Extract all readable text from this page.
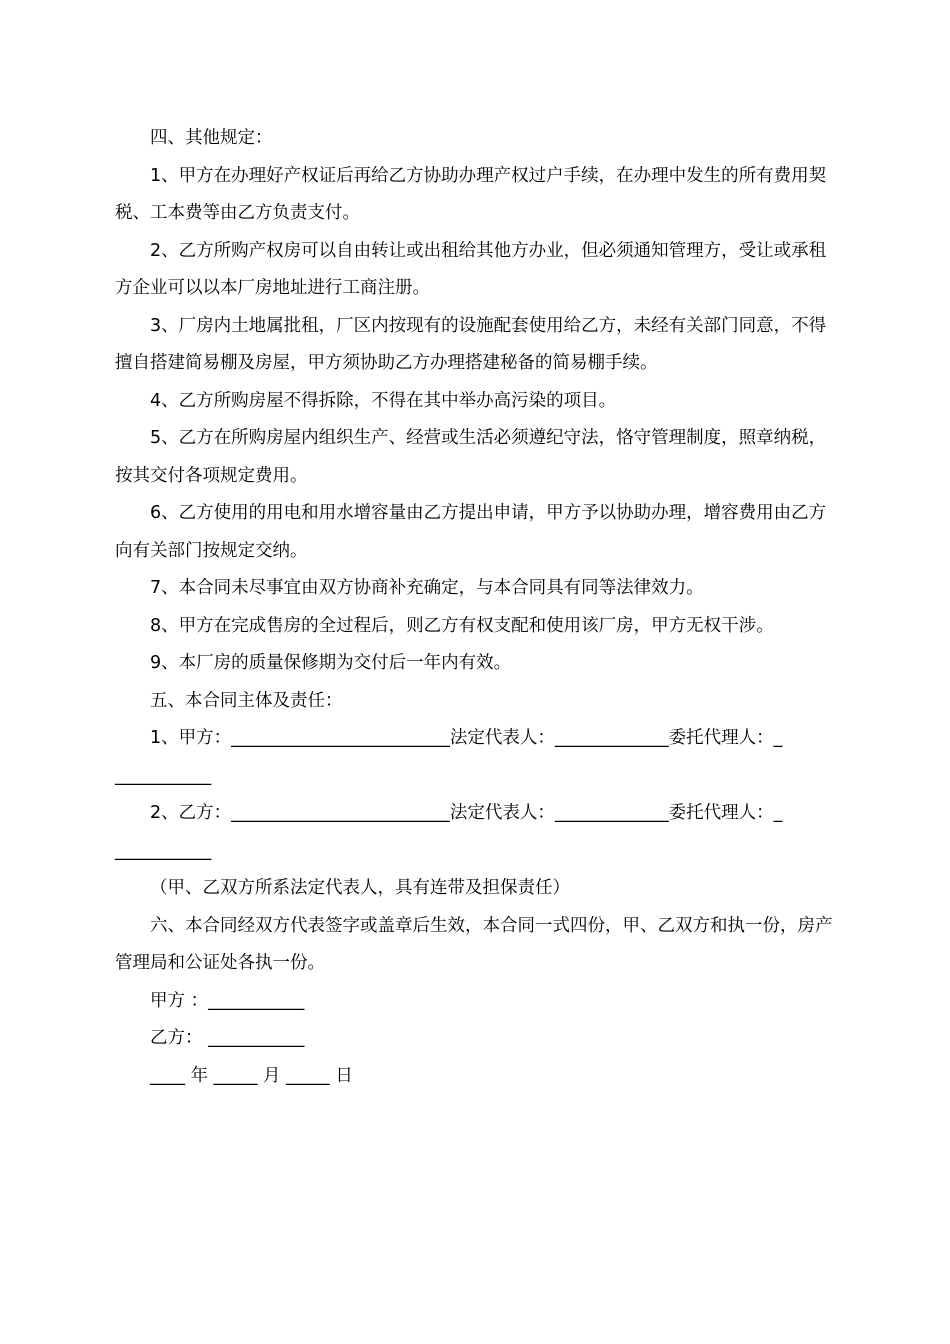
四、其他规定：

1、甲方在办理好产权证后再给乙方协助办理产权过户手续，在办理中发生的所有费用契税、工本费等由乙方负责支付。

2、乙方所购产权房可以自由转让或出租给其他方办业，但必须通知管理方，受让或承租方企业可以以本厂房地址进行工商注册。

3、厂房内土地属批租，厂区内按现有的设施配套使用给乙方，未经有关部门同意，不得擅自搭建简易棚及房屋，甲方须协助乙方办理搭建秘备的简易棚手续。

4、乙方所购房屋不得拆除，不得在其中举办高污染的项目。

5、乙方在所购房屋内组织生产、经营或生活必须遵纪守法，恪守管理制度，照章纳税，按其交付各项规定费用。

6、乙方使用的用电和用水增容量由乙方提出申请，甲方予以协助办理，增容费用由乙方向有关部门按规定交纳。

7、本合同未尽事宜由双方协商补充确定，与本合同具有同等法律效力。

8、甲方在完成售房的全过程后，则乙方有权支配和使用该厂房，甲方无权干涉。

9、本厂房的质量保修期为交付后一年内有效。

五、本合同主体及责任：

1、甲方：_________________________法定代表人：_____________委托代理人：_

___________

2、乙方：_________________________法定代表人：_____________委托代理人：_

___________

（甲、乙双方所系法定代表人，具有连带及担保责任）

六、本合同经双方代表签字或盖章后生效，本合同一式四份，甲、乙双方和执一份，房产管理局和公证处各执一份。

甲方 ：___________

乙方： ___________

____ 年 _____ 月 _____ 日
